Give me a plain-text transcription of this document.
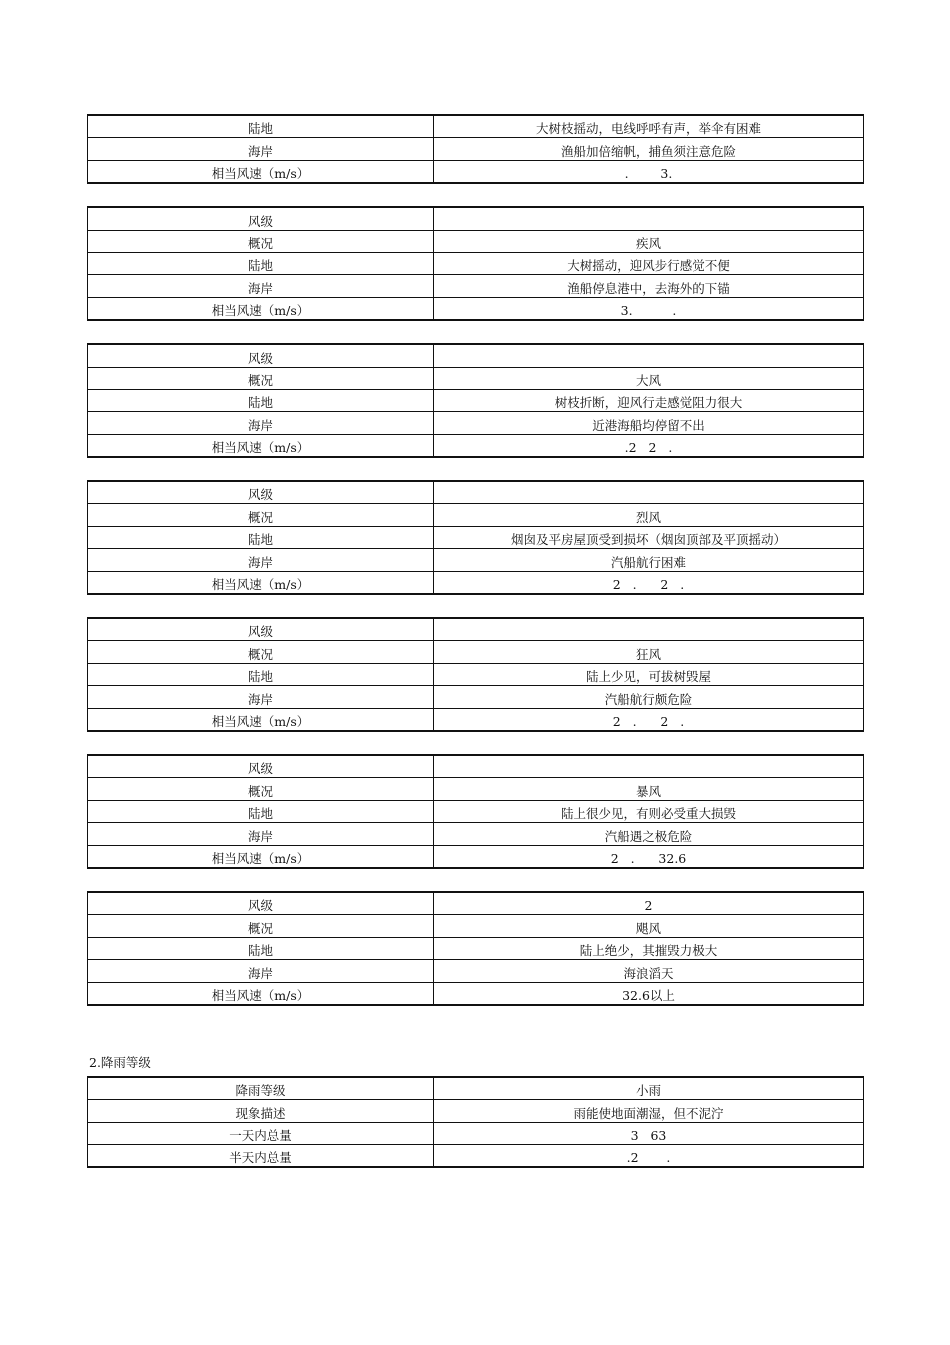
陆地	大树枝摇动，电线呼呼有声，举伞有困难
海岸	渔船加倍缩帆，捕鱼须注意危险
相当风速（m/s）	.        3.
风级	
概况	疾风
陆地	大树摇动，迎风步行感觉不便
海岸	渔船停息港中，去海外的下锚
相当风速（m/s）	3.          .
风级	
概况	大风
陆地	树枝折断，迎风行走感觉阻力很大
海岸	近港海船均停留不出
相当风速（m/s）	.2   2   .
风级	
概况	烈风
陆地	烟囱及平房屋顶受到损坏（烟囱顶部及平顶摇动）
海岸	汽船航行困难
相当风速（m/s）	2   .      2   .
风级	
概况	狂风
陆地	陆上少见，可拔树毁屋
海岸	汽船航行颇危险
相当风速（m/s）	2   .      2   .
风级	
概况	暴风
陆地	陆上很少见，有则必受重大损毁
海岸	汽船遇之极危险
相当风速（m/s）	2   .      32.6
风级	2
概况	飓风
陆地	陆上绝少，其摧毁力极大
海岸	海浪滔天
相当风速（m/s）	32.6以上
2.降雨等级
降雨等级	小雨
现象描述	雨能使地面潮湿，但不泥泞
一天内总量	3   63
半天内总量	.2       .
